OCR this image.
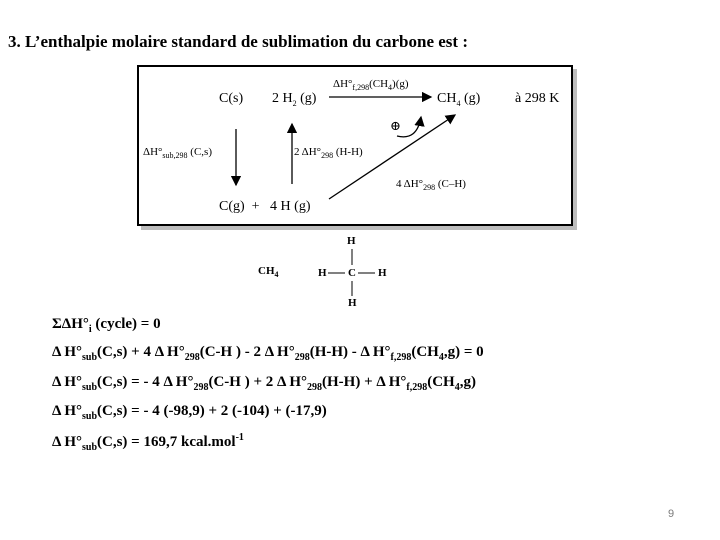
3. L’enthalpie molaire standard de sublimation du carbone est :
C(s) 2 $H_2$ (g)
$\Delta H^\circ_{f,298}(CH_4)(g)$
$CH_4$ (g) à 298 K
⊕
$\Delta H^\circ_{sub,298}$ (C,s)	2 $\Delta H^\circ_{298}$ (H-H)
4 $\Delta H^\circ_{298}$ (C–H)
C(g)  +   4 H (g)
$CH_4$
H
H C H
H
$\Sigma\Delta H^\circ_i$ (cycle) = 0
Δ $H^\circ_{sub}(C,s) + 4$ Δ $H^\circ_{298}(C-H$ ) - 2 Δ $H^\circ_{298}(H-H)$ - Δ $H^\circ_{f,298}(CH_4,g) = 0$
Δ $H^\circ_{sub}(C,s)$ = - 4 Δ $H^\circ_{298}(C-H$ ) + 2 Δ $H^\circ_{298}(H-H) + \Delta$ $H^\circ_{f,298}(CH_4,g)$
Δ $H^\circ_{sub}(C,s)$ = - 4 (-98,9) + 2 (-104) + (-17,9)
Δ $H^\circ_{sub}(C,s) = 169,7$ kcal.mol$^{-1}$
9
